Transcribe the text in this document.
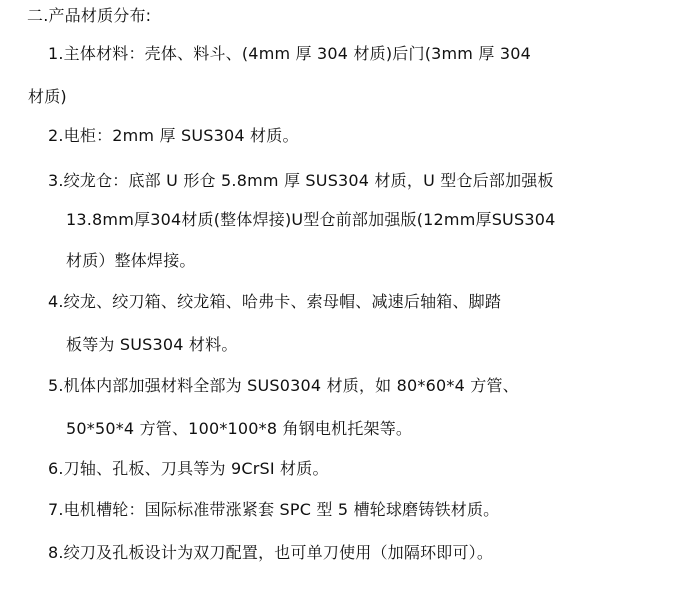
二.产品材质分布:
1.主体材料：壳体、料斗、(4mm 厚 304 材质)后门(3mm 厚 304
材质)
2.电柜：2mm 厚 SUS304 材质。
3.绞龙仓：底部 U 形仓 5.8mm 厚 SUS304 材质，U 型仓后部加强板
13.8mm厚304材质(整体焊接)U型仓前部加强版(12mm厚SUS304
材质）整体焊接。
4.绞龙、绞刀箱、绞龙箱、哈弗卡、索母帽、减速后轴箱、脚踏
板等为 SUS304 材料。
5.机体内部加强材料全部为 SUS0304 材质，如 80*60*4 方管、
50*50*4 方管、100*100*8 角钢电机托架等。
6.刀轴、孔板、刀具等为 9CrSI 材质。
7.电机槽轮：国际标准带涨紧套 SPC 型 5 槽轮球磨铸铁材质。
8.绞刀及孔板设计为双刀配置，也可单刀使用（加隔环即可）。
